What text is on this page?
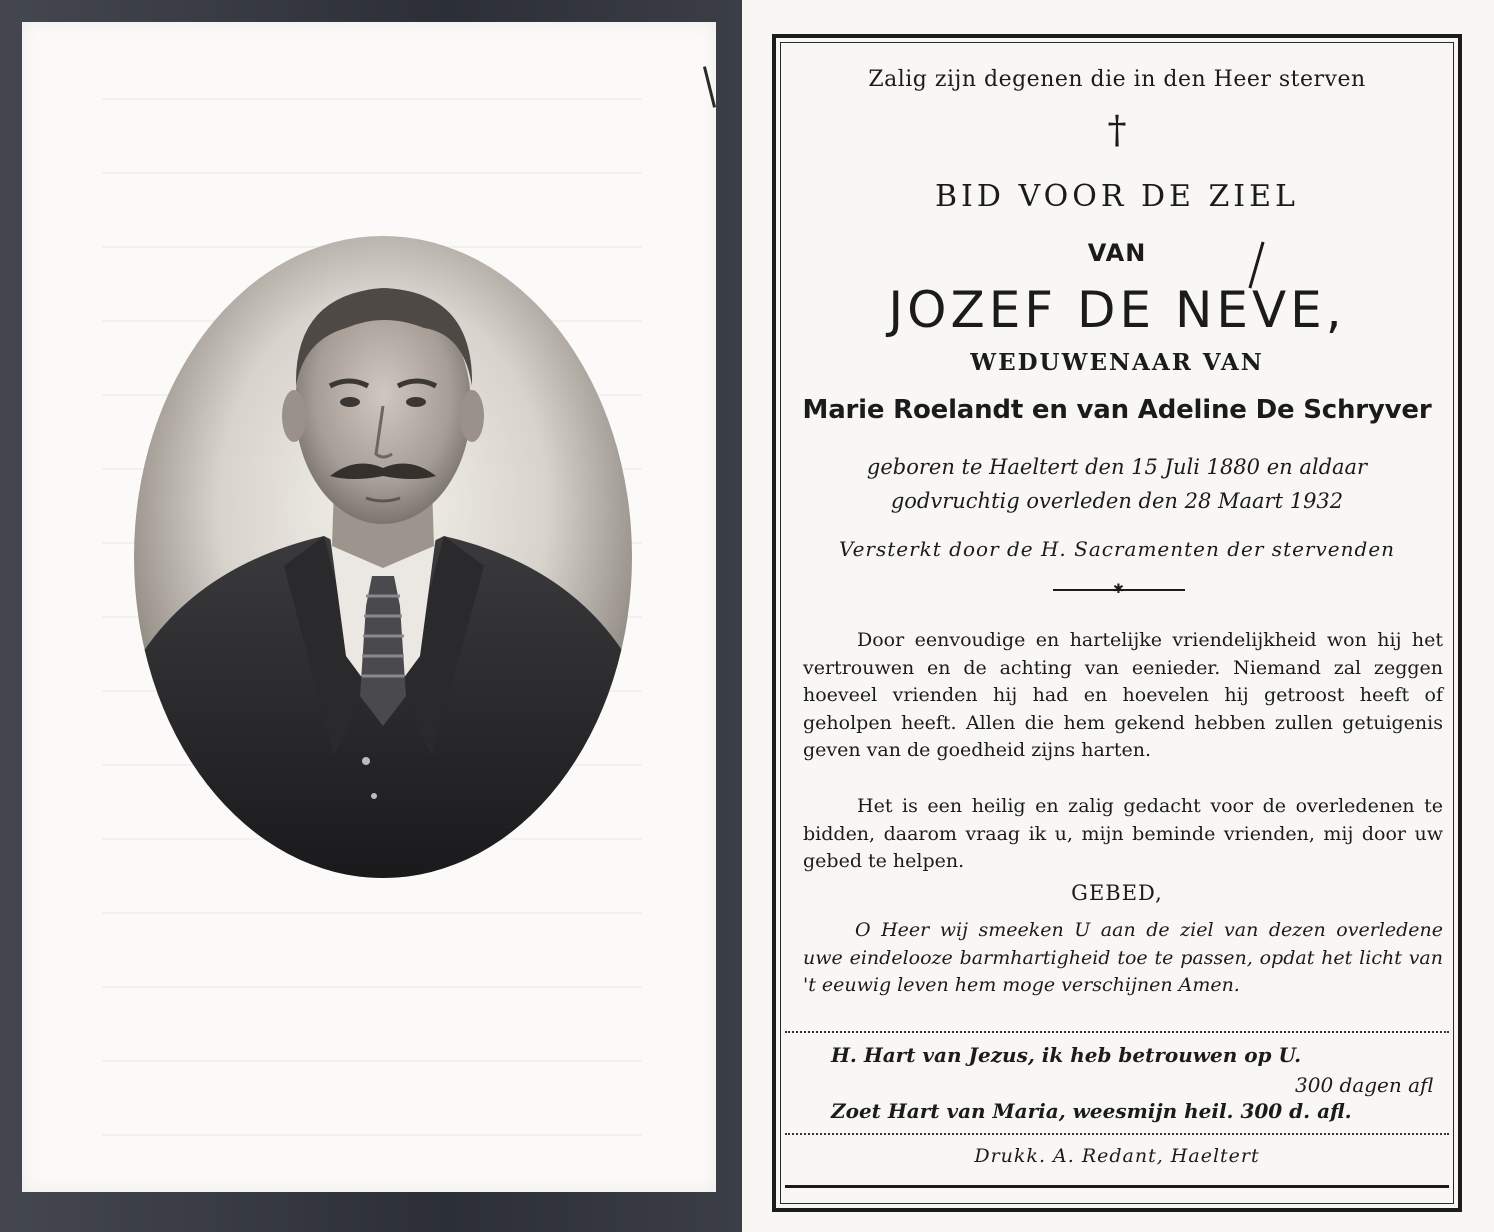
Zalig zijn degenen die in den Heer sterven

†

BID VOOR DE ZIEL

VAN

JOZEF DE NEVE,

WEDUWENAAR VAN

Marie Roelandt en van Adeline De Schryver

geboren te Haeltert den 15 Juli 1880 en aldaar

godvruchtig overleden den 28 Maart 1932

Versterkt door de H. Sacramenten der stervenden

✱

Door eenvoudige en hartelijke vriendelijkheid won hij het vertrouwen en de achting van eenieder. Niemand zal zeggen hoeveel vrienden hij had en hoevelen hij getroost heeft of geholpen heeft. Allen die hem gekend hebben zullen getuigenis geven van de goedheid zijns harten.

Het is een heilig en zalig gedacht voor de overledenen te bidden, daarom vraag ik u, mijn beminde vrienden, mij door uw gebed te helpen.

GEBED,

O Heer wij smeeken U aan de ziel van dezen overledene uwe eindelooze barmhartigheid toe te passen, opdat het licht van 't eeuwig leven hem moge verschijnen Amen.

H. Hart van Jezus, ik heb betrouwen op U.

300 dagen afl

Zoet Hart van Maria, weesmijn heil. 300 d. afl.

Drukk. A. Redant, Haeltert
